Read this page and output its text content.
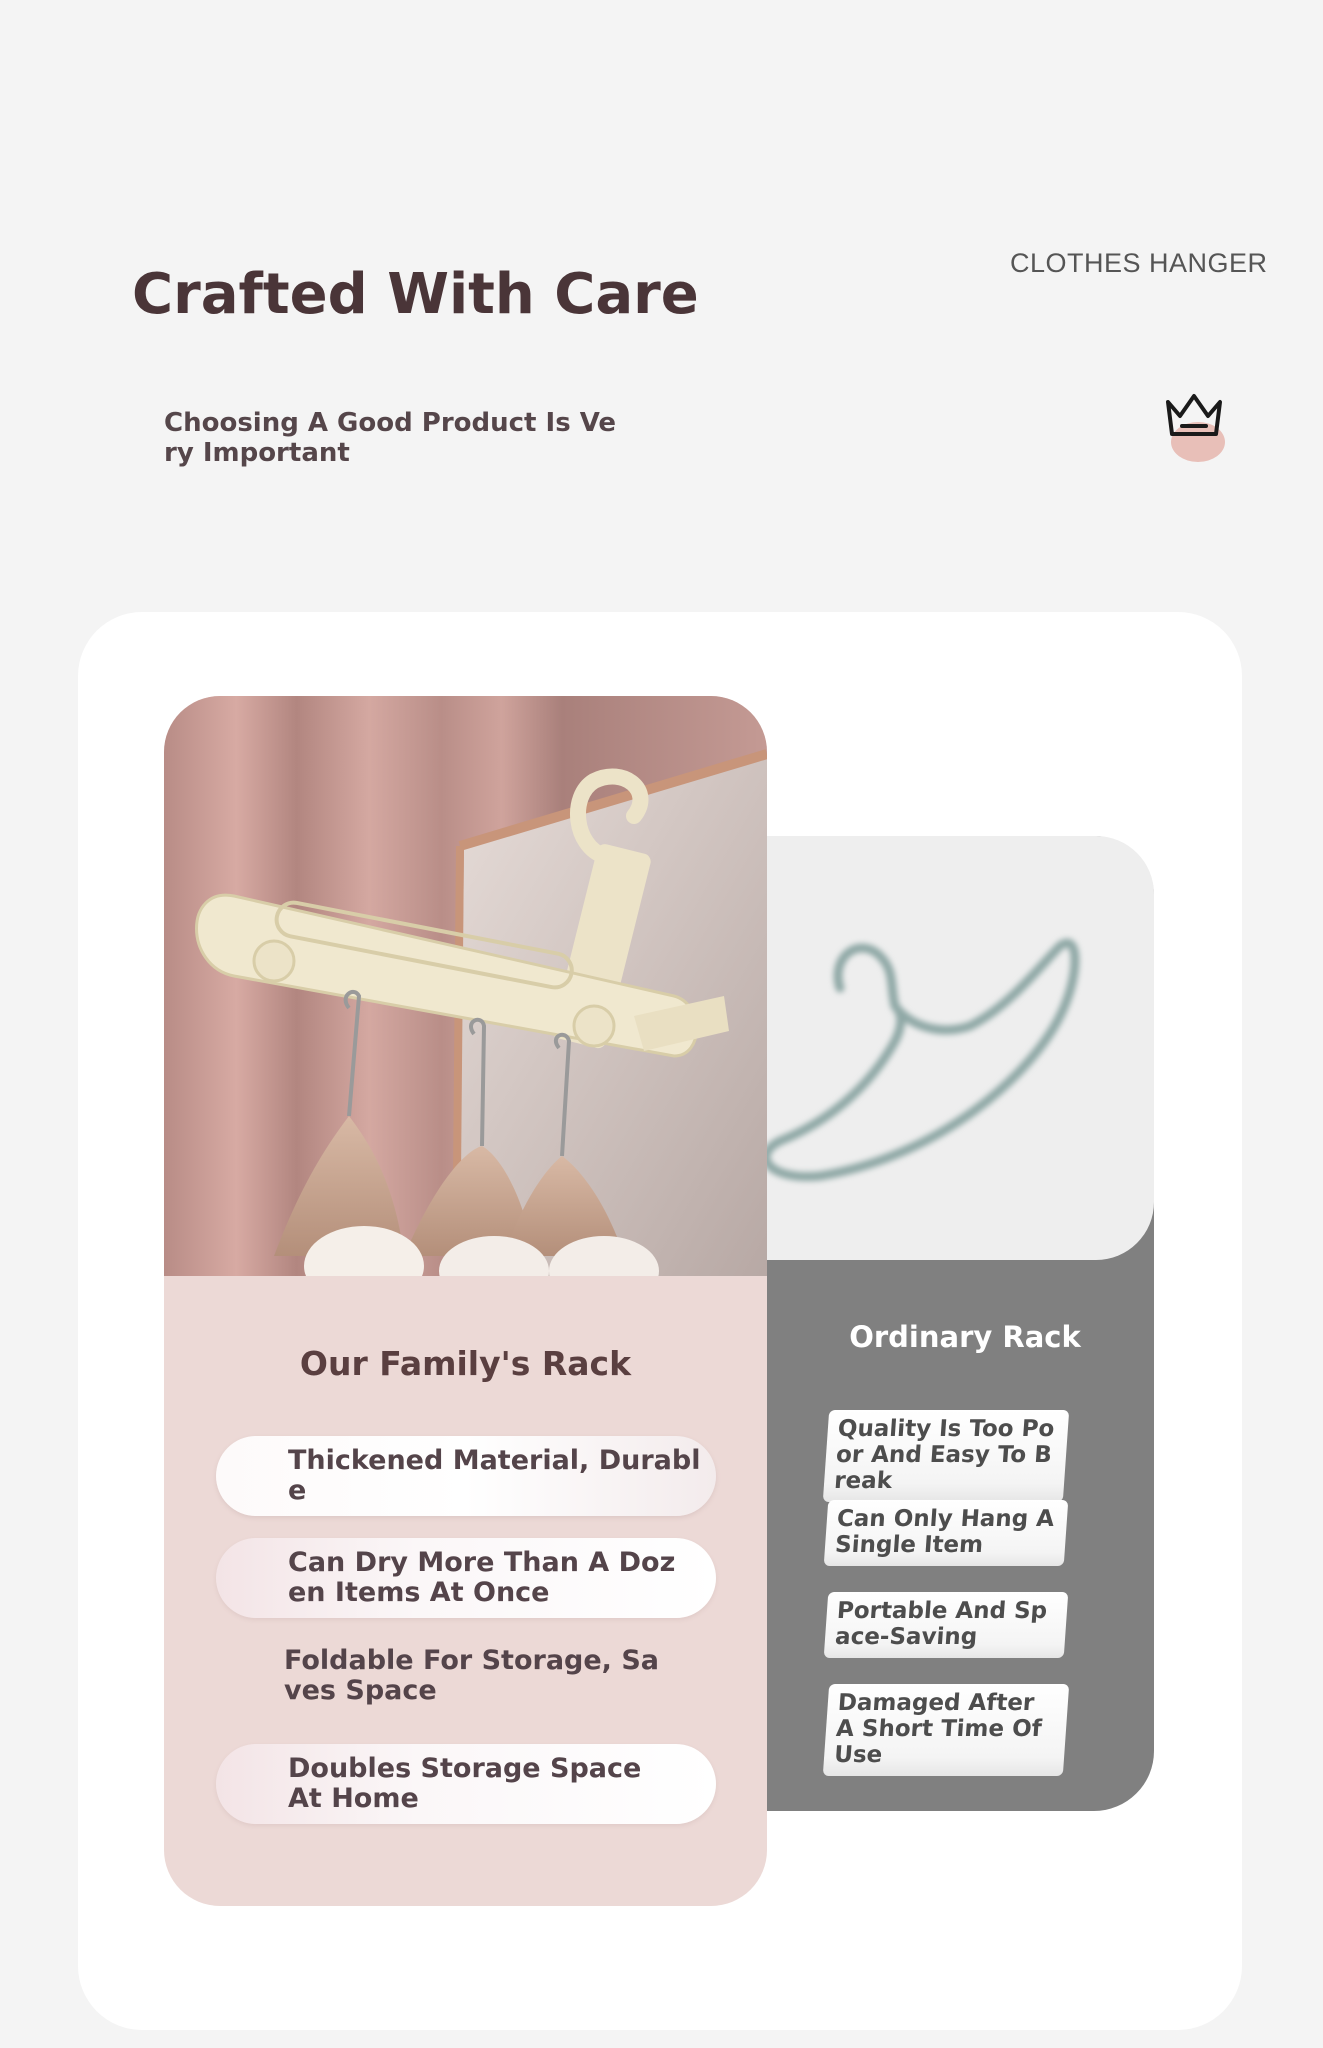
CLOTHES HANGER
Crafted With Care
Choosing A Good Product Is Very Important
Ordinary Rack
Quality Is Too Poor And Easy To Break
Can Only Hang A Single Item
Portable And Space-Saving
Damaged After A Short Time Of Use
Our Family's Rack
Thickened Material, Durable
Can Dry More Than A Dozen Items At Once
Foldable For Storage, Saves Space
Doubles Storage Space At Home
